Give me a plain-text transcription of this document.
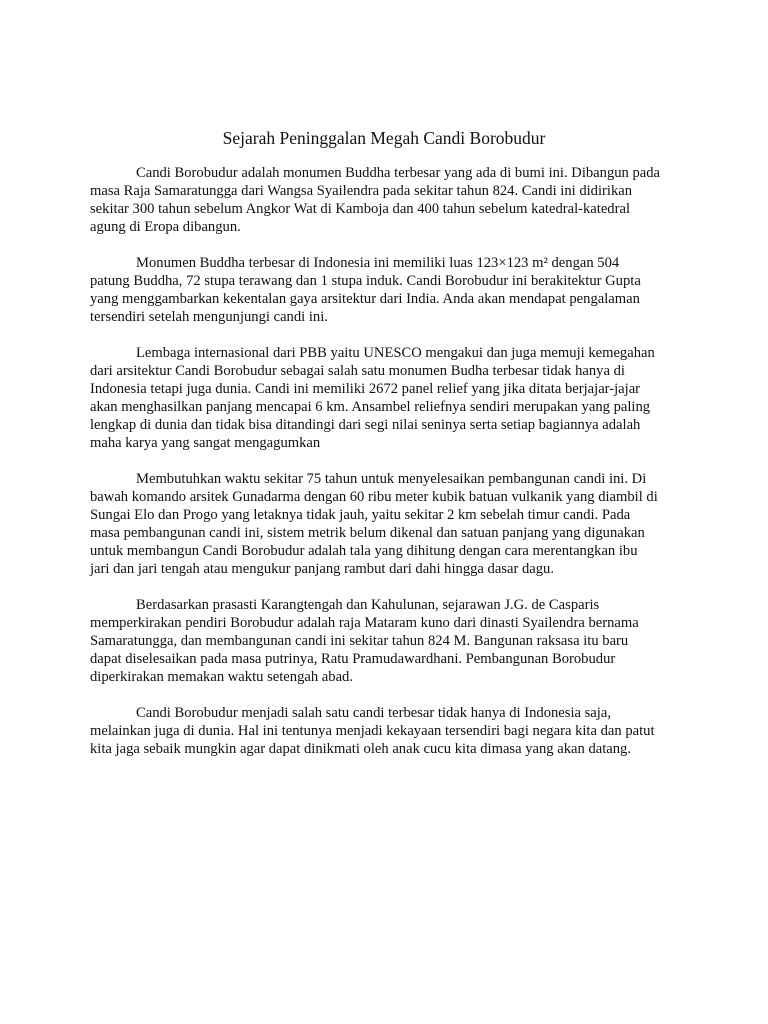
Sejarah Peninggalan Megah Candi Borobudur

Candi Borobudur adalah monumen Buddha terbesar yang ada di bumi ini. Dibangun pada
masa Raja Samaratungga dari Wangsa Syailendra pada sekitar tahun 824. Candi ini didirikan
sekitar 300 tahun sebelum Angkor Wat di Kamboja dan 400 tahun sebelum katedral-katedral
agung di Eropa dibangun.

Monumen Buddha terbesar di Indonesia ini memiliki luas 123×123 m² dengan 504
patung Buddha, 72 stupa terawang dan 1 stupa induk. Candi Borobudur ini berakitektur Gupta
yang menggambarkan kekentalan gaya arsitektur dari India. Anda akan mendapat pengalaman
tersendiri setelah mengunjungi candi ini.

Lembaga internasional dari PBB yaitu UNESCO mengakui dan juga memuji kemegahan
dari arsitektur Candi Borobudur sebagai salah satu monumen Budha terbesar tidak hanya di
Indonesia tetapi juga dunia. Candi ini memiliki 2672 panel relief yang jika ditata berjajar-jajar
akan menghasilkan panjang mencapai 6 km. Ansambel reliefnya sendiri merupakan yang paling
lengkap di dunia dan tidak bisa ditandingi dari segi nilai seninya serta setiap bagiannya adalah
maha karya yang sangat mengagumkan

Membutuhkan waktu sekitar 75 tahun untuk menyelesaikan pembangunan candi ini. Di
bawah komando arsitek Gunadarma dengan 60 ribu meter kubik batuan vulkanik yang diambil di
Sungai Elo dan Progo yang letaknya tidak jauh, yaitu sekitar 2 km sebelah timur candi. Pada
masa pembangunan candi ini, sistem metrik belum dikenal dan satuan panjang yang digunakan
untuk membangun Candi Borobudur adalah tala yang dihitung dengan cara merentangkan ibu
jari dan jari tengah atau mengukur panjang rambut dari dahi hingga dasar dagu.

Berdasarkan prasasti Karangtengah dan Kahulunan, sejarawan J.G. de Casparis
memperkirakan pendiri Borobudur adalah raja Mataram kuno dari dinasti Syailendra bernama
Samaratungga, dan membangunan candi ini sekitar tahun 824 M. Bangunan raksasa itu baru
dapat diselesaikan pada masa putrinya, Ratu Pramudawardhani. Pembangunan Borobudur
diperkirakan memakan waktu setengah abad.

Candi Borobudur menjadi salah satu candi terbesar tidak hanya di Indonesia saja,
melainkan juga di dunia. Hal ini tentunya menjadi kekayaan tersendiri bagi negara kita dan patut
kita jaga sebaik mungkin agar dapat dinikmati oleh anak cucu kita dimasa yang akan datang.
